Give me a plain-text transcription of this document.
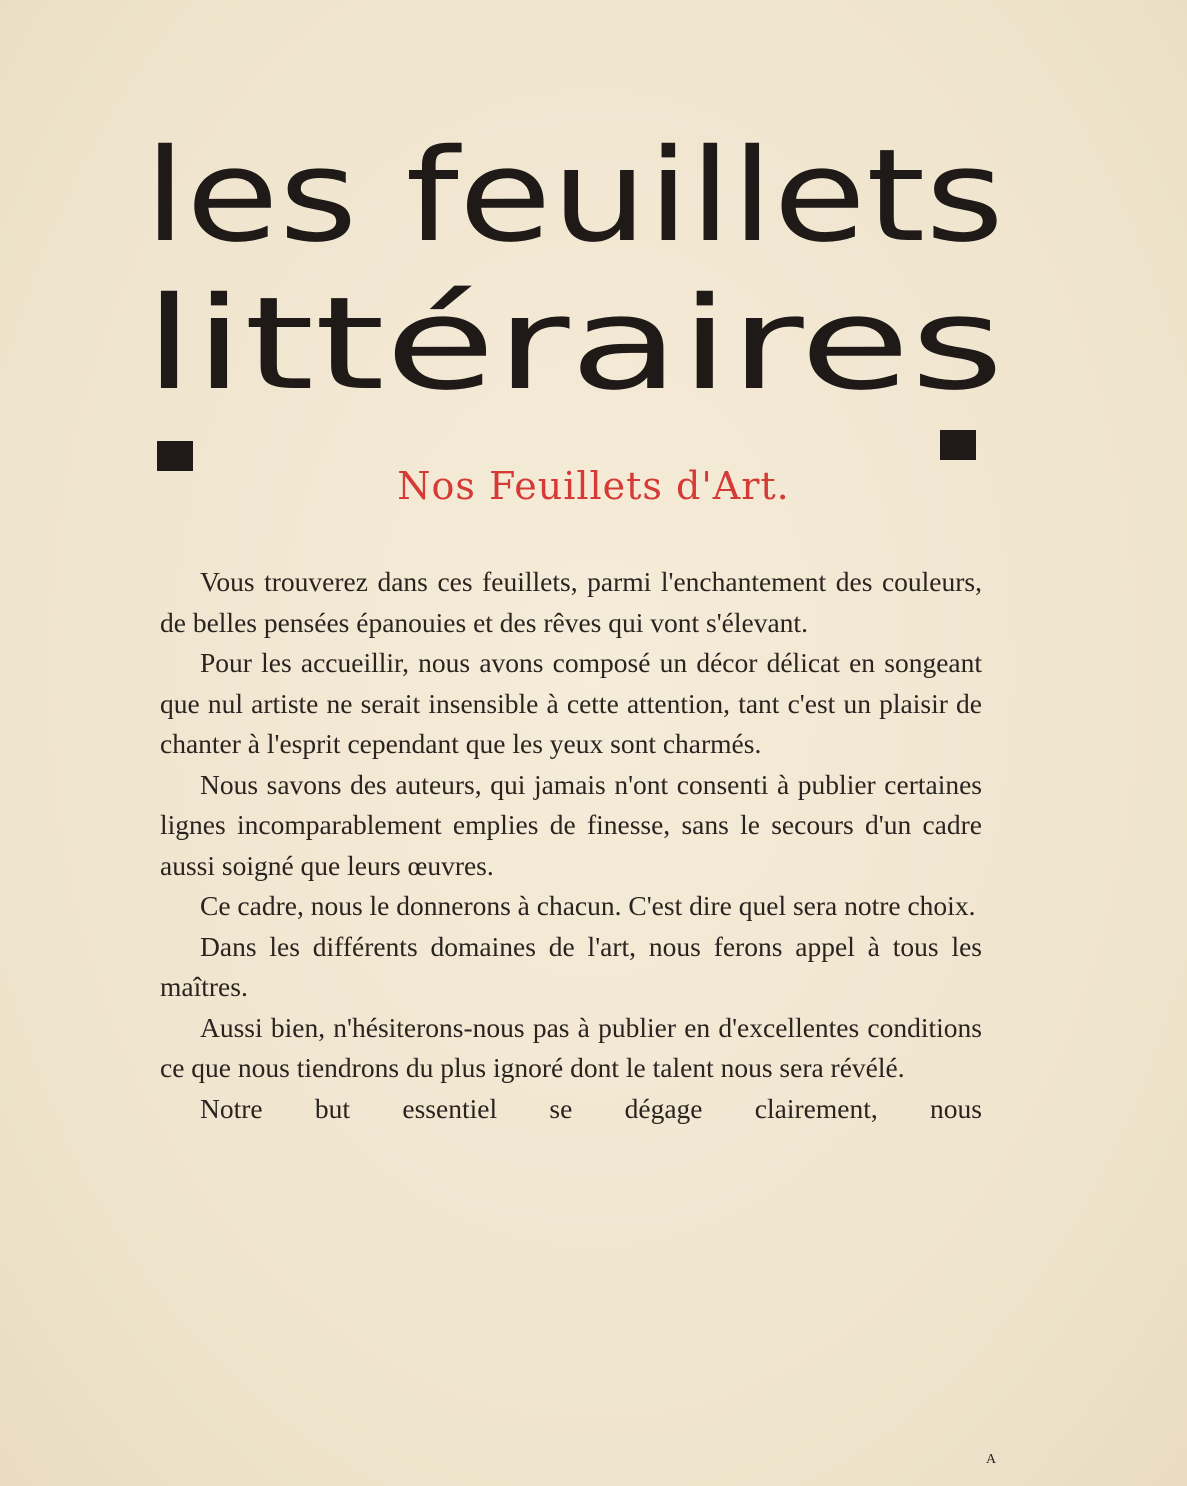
les feuillets
littéraires
Nos Feuillets d'Art.

Vous trouverez dans ces feuillets, parmi l'enchantement des couleurs, de belles pensées épanouies et des rêves qui vont s'élevant.

Pour les accueillir, nous avons composé un décor délicat en songeant que nul artiste ne serait insensible à cette attention, tant c'est un plaisir de chanter à l'esprit cependant que les yeux sont charmés.

Nous savons des auteurs, qui jamais n'ont consenti à publier certaines lignes incomparablement emplies de finesse, sans le secours d'un cadre aussi soigné que leurs œuvres.

Ce cadre, nous le donnerons à chacun. C'est dire quel sera notre choix.

Dans les différents domaines de l'art, nous ferons appel à tous les maîtres.

Aussi bien, n'hésiterons-nous pas à publier en d'excellentes conditions ce que nous tiendrons du plus ignoré dont le talent nous sera révélé.

Notre but essentiel se dégage clairement, nous

A
